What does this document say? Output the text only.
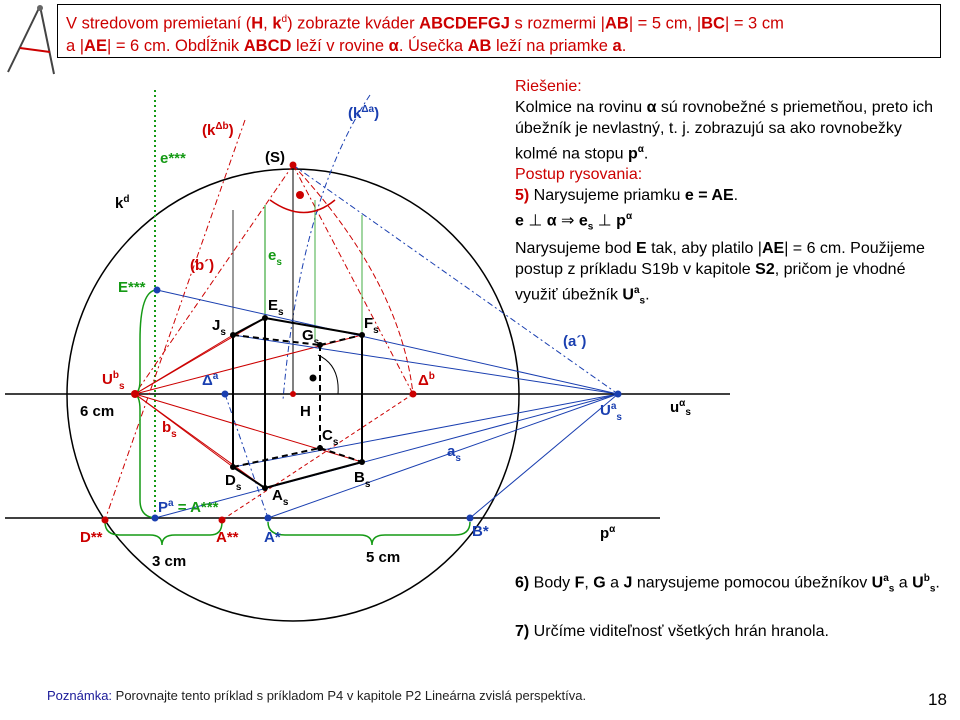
(S)
$(k^{\Delta a})$
$(k^{\Delta b})$
e***
$k^d$
$e_s$
(b´)
E***
$E_s$
$J_s$	$G_s$
$F_s$
(a´)
$U^b_s$	$\Delta^a$	$\Delta^b$
$U^a_s$
$u^\alpha_s$
H
6 cm
$b_s$	$C_s$
$a_s$
$D_s$
$B_s$
$A_s$
$P^a = A***$
D**	A** A*	B*	$p^\alpha$
3 cm	5 cm
V stredovom premietaní (H, $k^d$) zobrazte kváder ABCDEFGJ s rozmermi |AB| = 5 cm, |BC| = 3 cm
a |AE| = 6 cm. Obdĺžnik ABCD leží v rovine α. Úsečka AB leží na priamke a.
Riešenie:
Kolmice na rovinu α sú rovnobežné s priemetňou, preto ich úbežník je nevlastný, t. j. zobrazujú sa ako rovnobežky kolmé na stopu $p^\alpha$.
Postup rysovania:
5) Narysujeme priamku e = AE.
e ⊥ α ⇒ $e_s$ ⊥ $p^\alpha$
Narysujeme bod E tak, aby platilo |AE| = 6 cm. Použijeme postup z príkladu S19b v kapitole S2, pričom je vhodné využiť úbežník $U^a_s$.
6) Body F, G a J narysujeme pomocou úbežníkov $U^a_s$ a $U^b_s$.
7) Určíme viditeľnosť všetkých hrán hranola.
Poznámka: Porovnajte tento príklad s príkladom P4 v kapitole P2 Lineárna zvislá perspektíva.	18
